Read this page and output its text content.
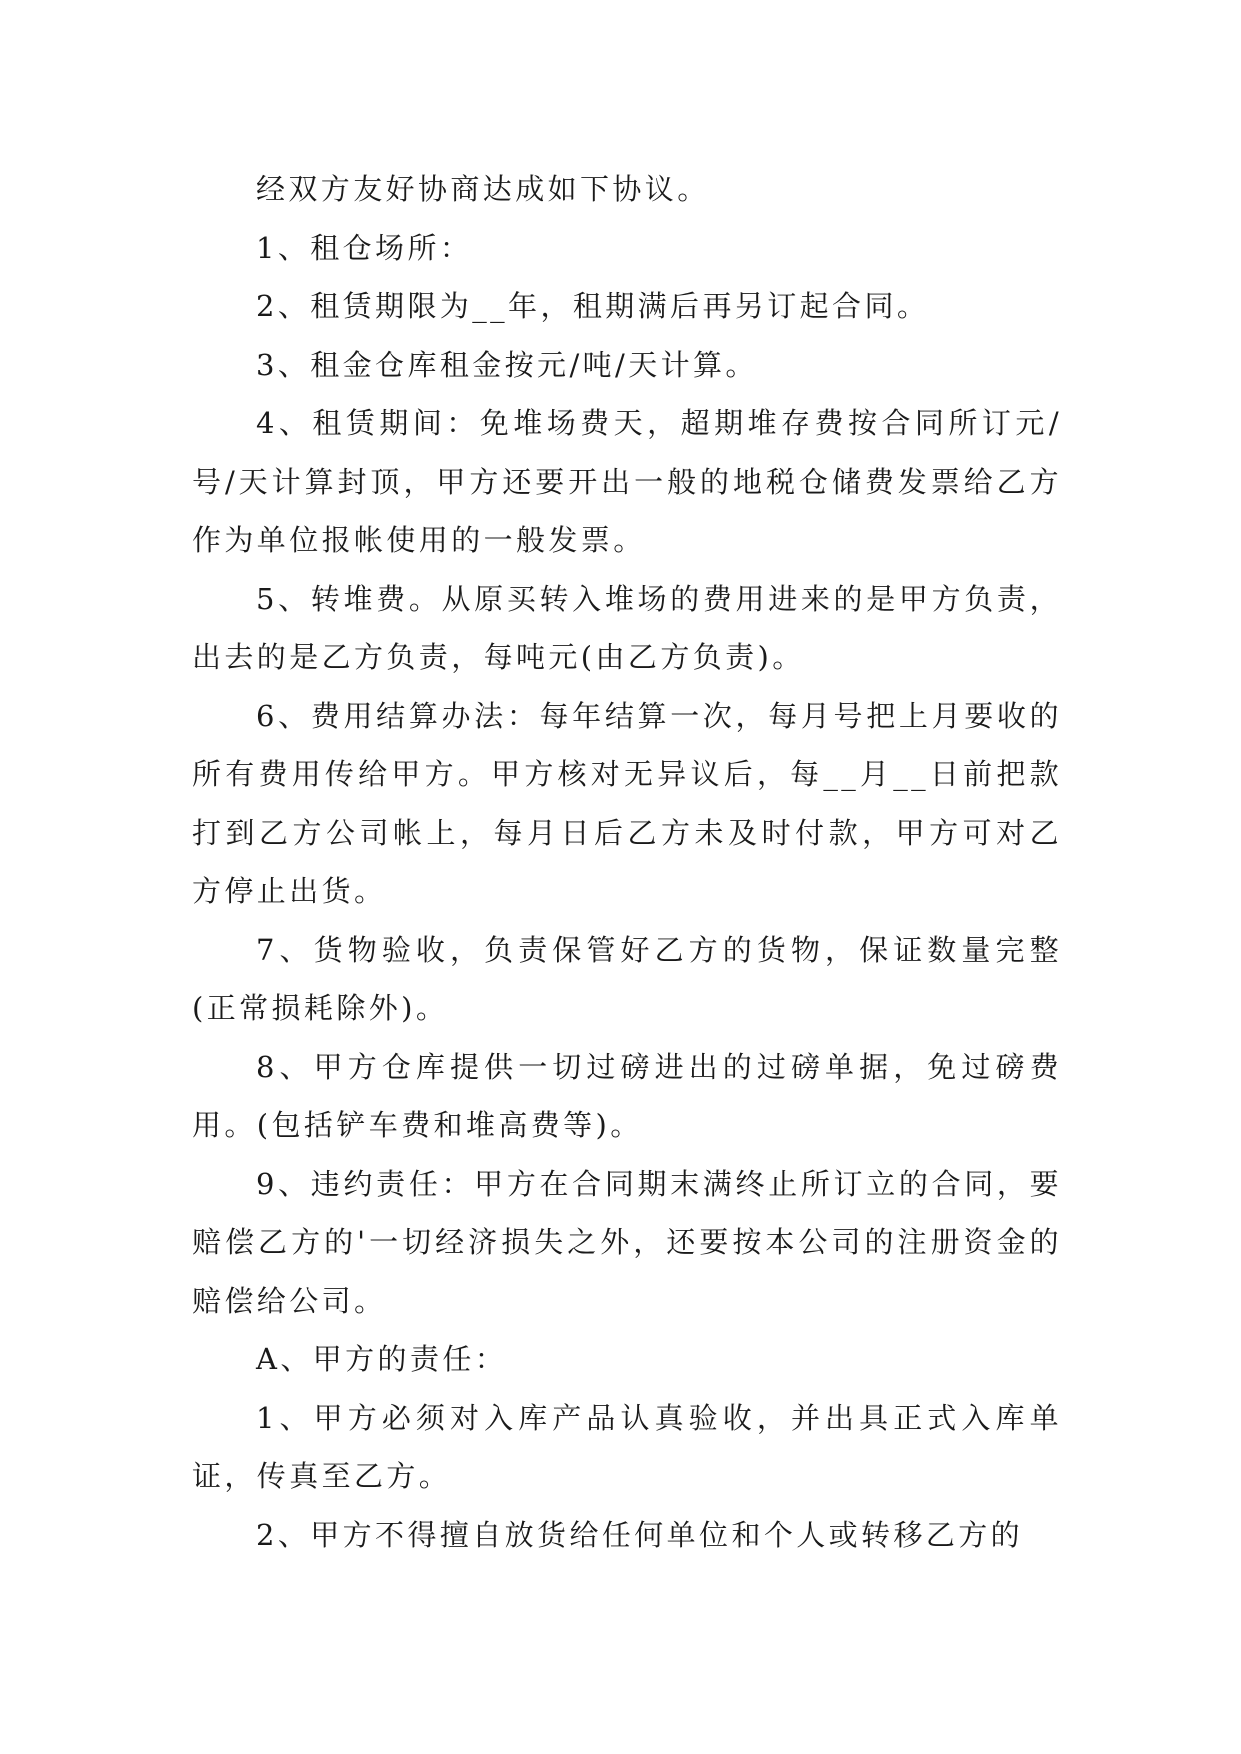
经双方友好协商达成如下协议。

1、租仓场所：

2、租赁期限为__年，租期满后再另订起合同。

3、租金仓库租金按元/吨/天计算。

4、租赁期间：免堆场费天，超期堆存费按合同所订元/号/天计算封顶，甲方还要开出一般的地税仓储费发票给乙方作为单位报帐使用的一般发票。

5、转堆费。从原买转入堆场的费用进来的是甲方负责，出去的是乙方负责，每吨元(由乙方负责)。

6、费用结算办法：每年结算一次，每月号把上月要收的所有费用传给甲方。甲方核对无异议后，每__月__日前把款打到乙方公司帐上，每月日后乙方未及时付款，甲方可对乙方停止出货。

7、货物验收，负责保管好乙方的货物，保证数量完整(正常损耗除外)。

8、甲方仓库提供一切过磅进出的过磅单据，免过磅费用。(包括铲车费和堆高费等)。

9、违约责任：甲方在合同期末满终止所订立的合同，要赔偿乙方的'一切经济损失之外，还要按本公司的注册资金的赔偿给公司。

A、甲方的责任：

1、甲方必须对入库产品认真验收，并出具正式入库单证，传真至乙方。

2、甲方不得擅自放货给任何单位和个人或转移乙方的
